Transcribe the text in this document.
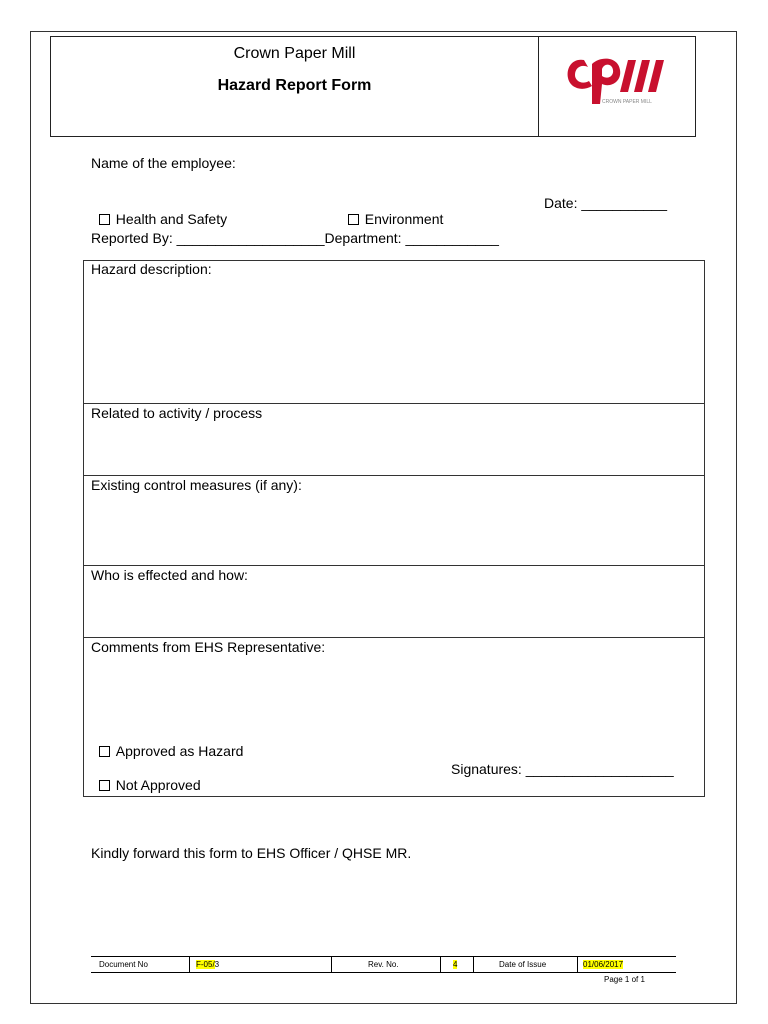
Crown Paper Mill
Hazard Report Form
CROWN PAPER MILL
Name of the employee:

Health and Safety	Environment

Date: ___________
Reported By: ___________________Department: ____________
Hazard description:
Related to activity / process
Existing control measures (if any):
Who is effected and how:
Comments from EHS Representative:

Approved as Hazard

Not Approved

Signatures: ___________________
Kindly forward this form to EHS Officer / QHSE MR.
Document No	F-05/3	Rev. No.	4	Date of Issue	01/06/2017
Page 1 of 1
